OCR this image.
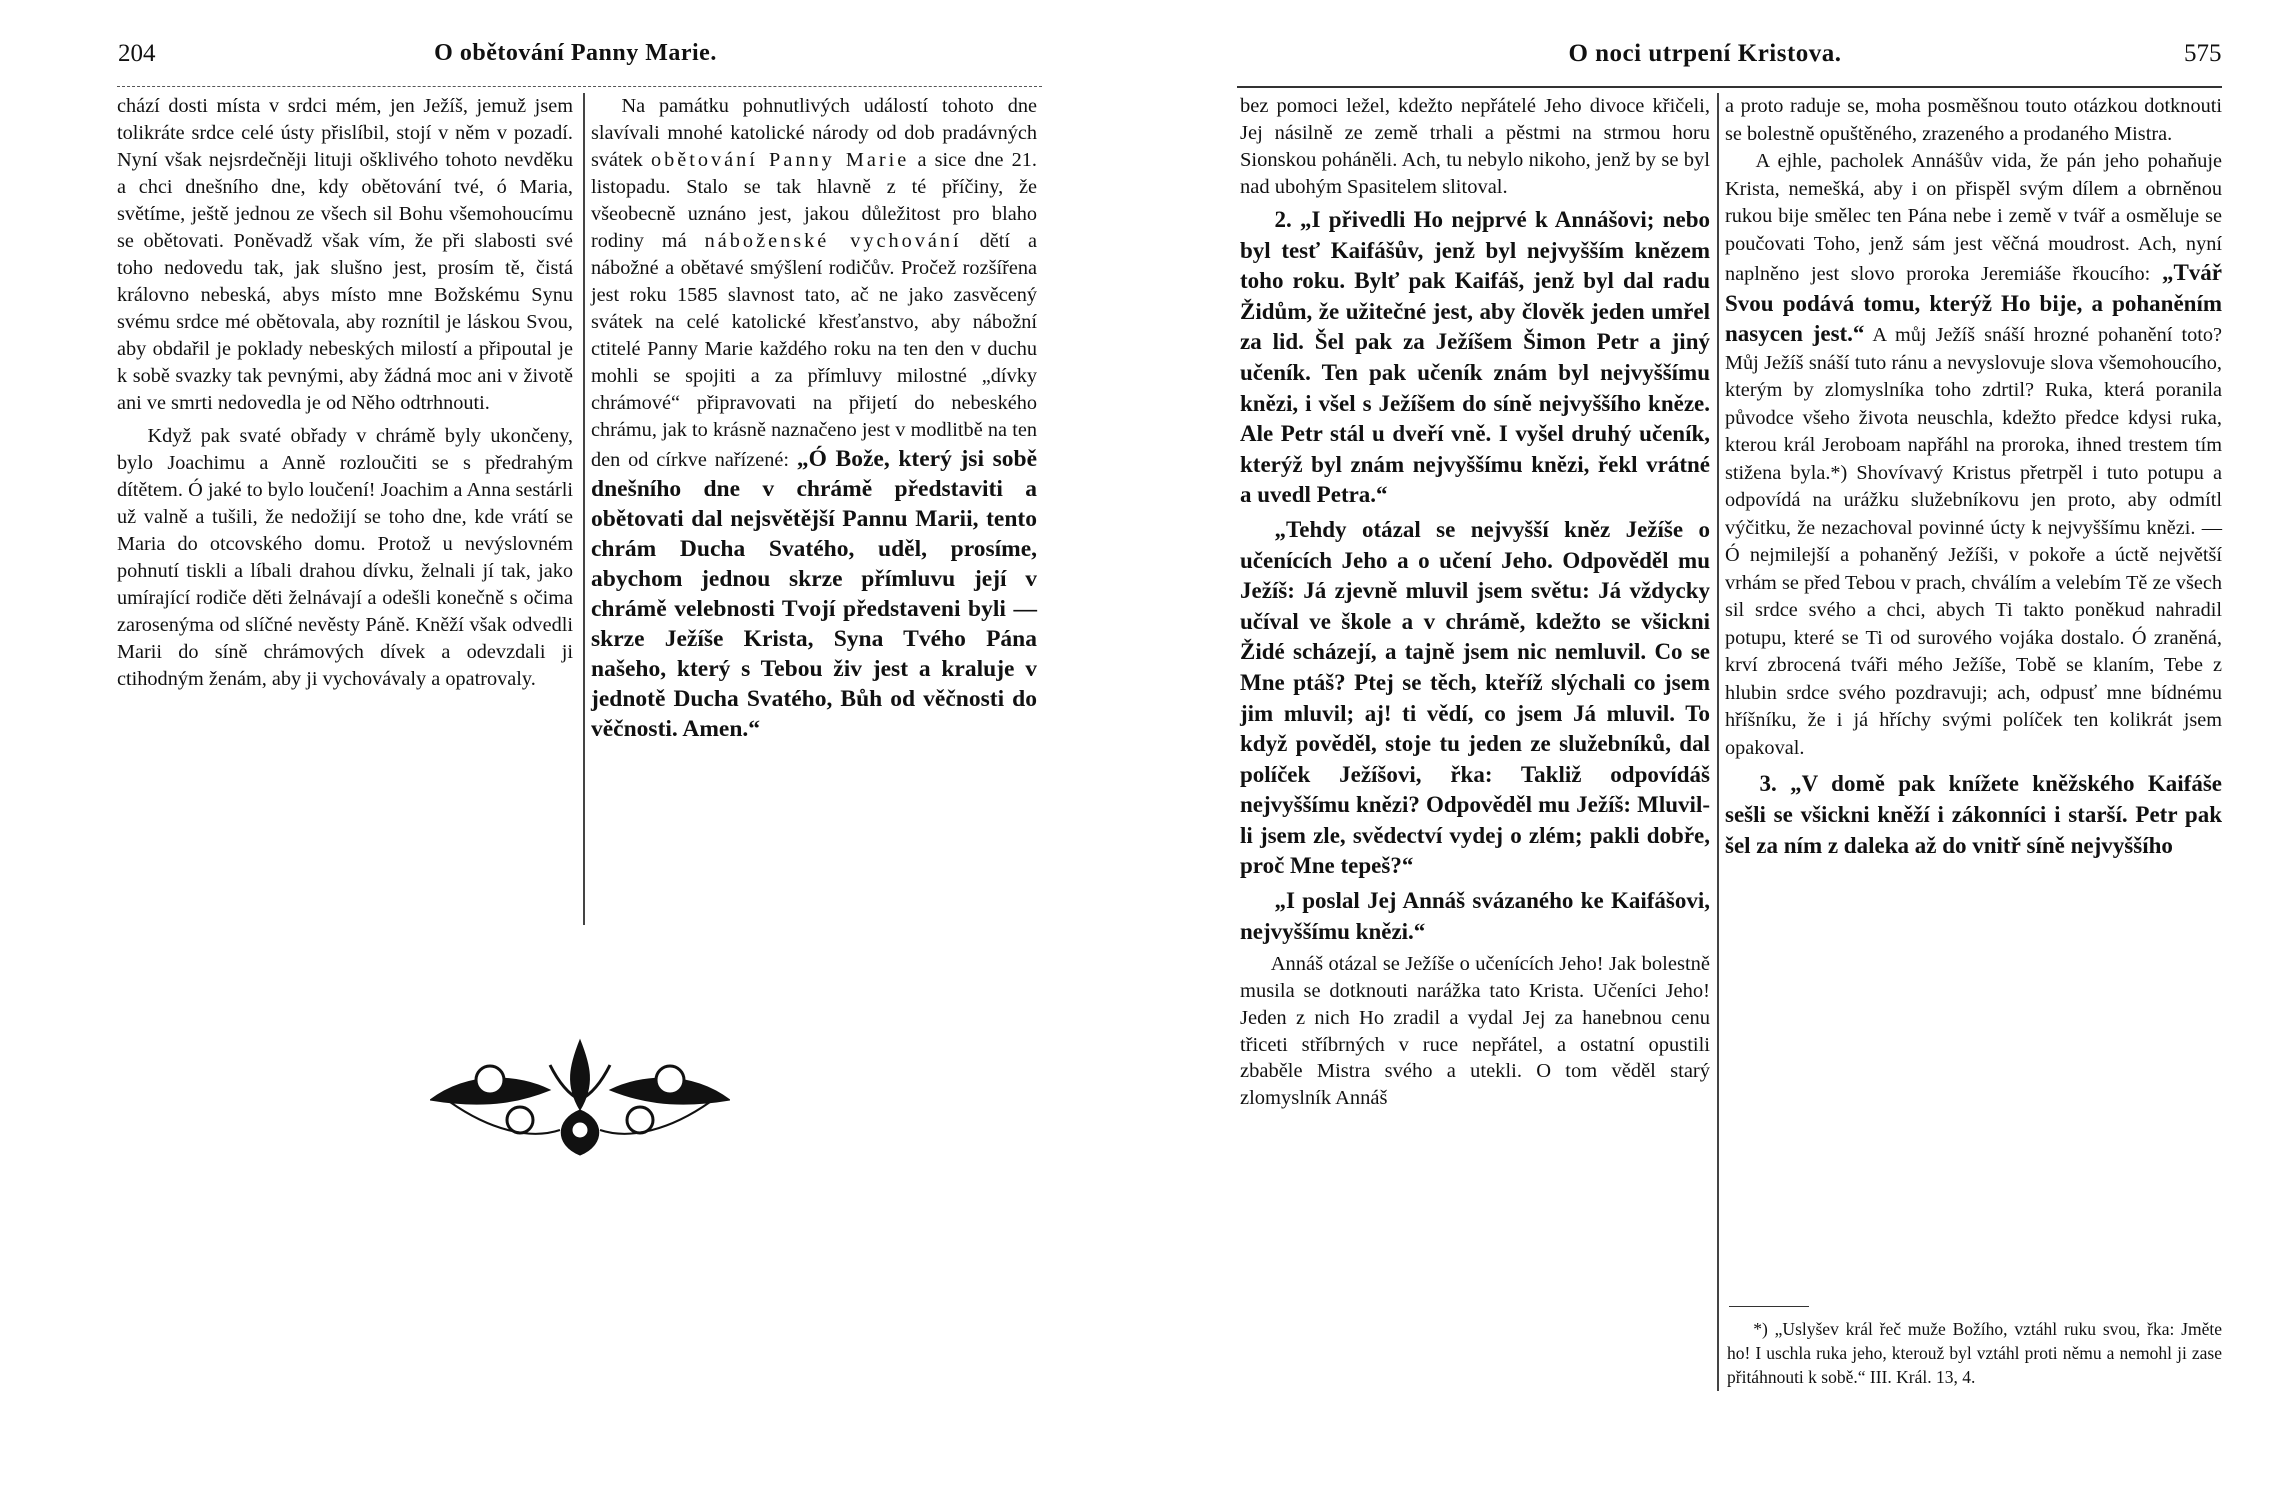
204	O obětování Panny Marie.

chází dosti místa v srdci mém, jen Ježíš, jemuž jsem tolikráte srdce celé ústy přislíbil, stojí v něm v pozadí. Nyní však nejsrdečněji lituji ošklivého tohoto nevděku a chci dnešního dne, kdy obětování tvé, ó Maria, světíme, ještě jednou ze všech sil Bohu všemohoucímu se obětovati. Poněvadž však vím, že při slabosti své toho nedovedu tak, jak slušno jest, prosím tě, čistá královno nebeská, abys místo mne Božskému Synu svému srdce mé obětovala, aby roznítil je láskou Svou, aby obdařil je poklady nebeských milostí a připoutal je k sobě svazky tak pevnými, aby žádná moc ani v životě ani ve smrti nedovedla je od Něho odtrhnouti.

Když pak svaté obřady v chrámě byly ukončeny, bylo Joachimu a Anně rozloučiti se s předrahým dítětem. Ó jaké to bylo loučení! Joachim a Anna sestárli už valně a tušili, že nedožijí se toho dne, kde vrátí se Maria do otcovského domu. Protož u nevýslovném pohnutí tiskli a líbali drahou dívku, želnali jí tak, jako umírající rodiče děti želnávají a odešli konečně s očima zarosenýma od slíčné nevěsty Páně. Kněží však odvedli Marii do síně chrámových dívek a odevzdali ji ctihodným ženám, aby ji vychovávaly a opatrovaly.

Na památku pohnutlivých událostí tohoto dne slavívali mnohé katolické národy od dob pradávných svátek obětování Panny Marie a sice dne 21. listopadu. Stalo se tak hlavně z té příčiny, že všeobecně uznáno jest, jakou důležitost pro blaho rodiny má náboženské vychování dětí a nábožné a obětavé smýšlení rodičův. Pročež rozšířena jest roku 1585 slavnost tato, ač ne jako zasvěcený svátek na celé katolické křesťanstvo, aby nábožní ctitelé Panny Marie každého roku na ten den v duchu mohli se spojiti a za přímluvy milostné „dívky chrámové“ připravovati na přijetí do nebeského chrámu, jak to krásně naznačeno jest v modlitbě na ten den od církve nařízené: „Ó Bože, který jsi sobě dnešního dne v chrámě představiti a obětovati dal nejsvětější Pannu Marii, tento chrám Ducha Svatého, uděl, prosíme, abychom jednou skrze přímluvu její v chrámě velebnosti Tvojí představeni byli — skrze Ježíše Krista, Syna Tvého Pána našeho, který s Tebou živ jest a kraluje v jednotě Ducha Svatého, Bůh od věčnosti do věčnosti. Amen.“

O noci utrpení Kristova.	575

bez pomoci ležel, kdežto nepřátelé Jeho divoce křičeli, Jej násilně ze země trhali a pěstmi na strmou horu Sionskou poháněli. Ach, tu nebylo nikoho, jenž by se byl nad ubohým Spasitelem slitoval.

2. „I přivedli Ho nejprvé k Annášovi; nebo byl tesť Kaifášův, jenž byl nejvyšším knězem toho roku. Bylť pak Kaifáš, jenž byl dal radu Židům, že užitečné jest, aby člověk jeden umřel za lid. Šel pak za Ježíšem Šimon Petr a jiný učeník. Ten pak učeník znám byl nejvyššímu knězi, i všel s Ježíšem do síně nejvyššího kněze. Ale Petr stál u dveří vně. I vyšel druhý učeník, kterýž byl znám nejvyššímu knězi, řekl vrátné a uvedl Petra.“

„Tehdy otázal se nejvyšší kněz Ježíše o učenících Jeho a o učení Jeho. Odpověděl mu Ježíš: Já zjevně mluvil jsem světu: Já vždycky učíval ve škole a v chrámě, kdežto se všickni Židé scházejí, a tajně jsem nic nemluvil. Co se Mne ptáš? Ptej se těch, kteříž slýchali co jsem jim mluvil; aj! ti vědí, co jsem Já mluvil. To když pověděl, stoje tu jeden ze služebníků, dal políček Ježíšovi, řka: Takliž odpovídáš nejvyššímu knězi? Odpověděl mu Ježíš: Mluvil-li jsem zle, svědectví vydej o zlém; pakli dobře, proč Mne tepeš?“

„I poslal Jej Annáš svázaného ke Kaifášovi, nejvyššímu knězi.“

Annáš otázal se Ježíše o učenících Jeho! Jak bolestně musila se dotknouti narážka tato Krista. Učeníci Jeho! Jeden z nich Ho zradil a vydal Jej za hanebnou cenu třiceti stříbrných v ruce nepřátel, a ostatní opustili zbaběle Mistra svého a utekli. O tom věděl starý zlomyslník Annáš

a proto raduje se, moha posměšnou touto otázkou dotknouti se bolestně opuštěného, zrazeného a prodaného Mistra.

A ejhle, pacholek Annášův vida, že pán jeho pohaňuje Krista, nemešká, aby i on přispěl svým dílem a obrněnou rukou bije smělec ten Pána nebe i země v tvář a osměluje se poučovati Toho, jenž sám jest věčná moudrost. Ach, nyní naplněno jest slovo proroka Jeremiáše řkoucího: „Tvář Svou podává tomu, kterýž Ho bije, a pohaněním nasycen jest.“ A můj Ježíš snáší hrozné pohanění toto? Můj Ježíš snáší tuto ránu a nevyslovuje slova všemohoucího, kterým by zlomyslníka toho zdrtil? Ruka, která poranila původce všeho života neuschla, kdežto předce kdysi ruka, kterou král Jeroboam napřáhl na proroka, ihned trestem tím stižena byla.*) Shovívavý Kristus přetrpěl i tuto potupu a odpovídá na urážku služebníkovu jen proto, aby odmítl výčitku, že nezachoval povinné úcty k nejvyššímu knězi. — Ó nejmilejší a pohaněný Ježíši, v pokoře a úctě největší vrhám se před Tebou v prach, chválím a velebím Tě ze všech sil srdce svého a chci, abych Ti takto poněkud nahradil potupu, které se Ti od surového vojáka dostalo. Ó zraněná, krví zbrocená tváři mého Ježíše, Tobě se klaním, Tebe z hlubin srdce svého pozdravuji; ach, odpusť mne bídnému hříšníku, že i já hříchy svými políček ten kolikrát jsem opakoval.

3. „V domě pak knížete kněžského Kaifáše sešli se všickni kněží i zákonníci i starší. Petr pak šel za ním z daleka až do vnitř síně nejvyššího

*) „Uslyšev král řeč muže Božího, vztáhl ruku svou, řka: Jměte ho! I uschla ruka jeho, kterouž byl vztáhl proti němu a nemohl ji zase přitáhnouti k sobě.“ III. Král. 13, 4.
